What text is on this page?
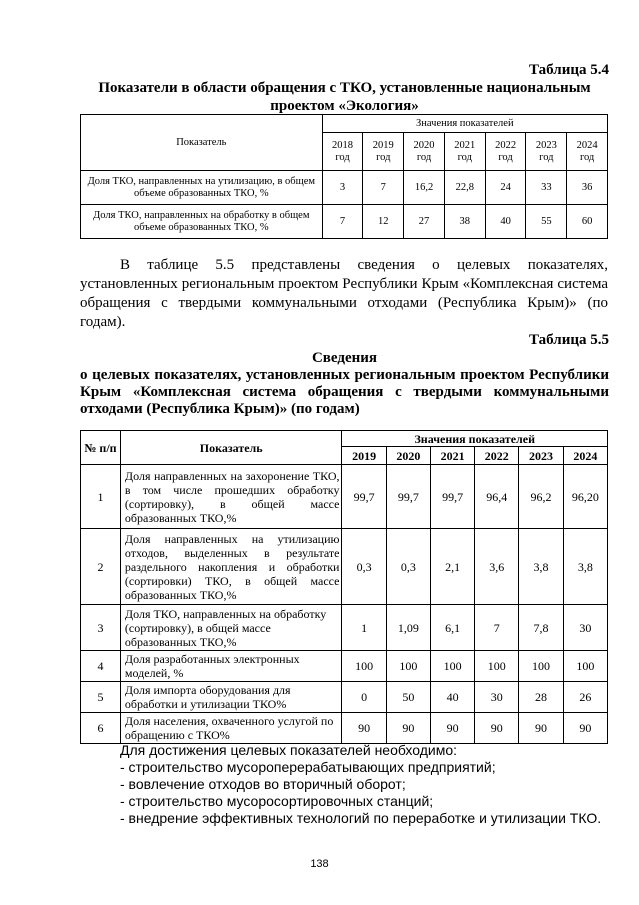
Таблица 5.4
Показатели в области обращения с ТКО, установленные национальным проектом «Экология»
Показатель	Значения показателей						
	2018 год	2019 год	2020 год	2021 год	2022 год	2023 год	2024 год
Доля ТКО, направленных на утилизацию, в общем объеме образованных ТКО, %	3	7	16,2	22,8	24	33	36
Доля ТКО, направленных на обработку в общем объеме образованных ТКО, %	7	12	27	38	40	55	60
В таблице 5.5 представлены сведения о целевых показателях, установленных региональным проектом Республики Крым «Комплексная система обращения с твердыми коммунальными отходами (Республика Крым)» (по годам).
Таблица 5.5
Сведения
о целевых показателях, установленных региональным проектом Республики Крым «Комплексная система обращения с твердыми коммунальными отходами (Республика Крым)» (по годам)
№ п/п	Показатель	Значения показателей					
		2019	2020	2021	2022	2023	2024
1	Доля направленных на захоронение ТКО, в том числе прошедших обработку (сортировку), в общей массе образованных ТКО,%	99,7	99,7	99,7	96,4	96,2	96,20
2	Доля направленных на утилизацию отходов, выделенных в результате раздельного накопления и обработки (сортировки) ТКО, в общей массе образованных ТКО,%	0,3	0,3	2,1	3,6	3,8	3,8
3	Доля ТКО, направленных на обработку (сортировку), в общей массе образованных ТКО,%	1	1,09	6,1	7	7,8	30
4	Доля разработанных электронных моделей, %	100	100	100	100	100	100
5	Доля импорта оборудования для обработки и утилизации ТКО%	0	50	40	30	28	26
6	Доля населения, охваченного услугой по обращению с ТКО%	90	90	90	90	90	90
Для достижения целевых показателей необходимо:
- строительство мусороперерабатывающих предприятий;
- вовлечение отходов во вторичный оборот;
- строительство мусоросортировочных станций;
- внедрение эффективных технологий по переработке и утилизации ТКО.
138
